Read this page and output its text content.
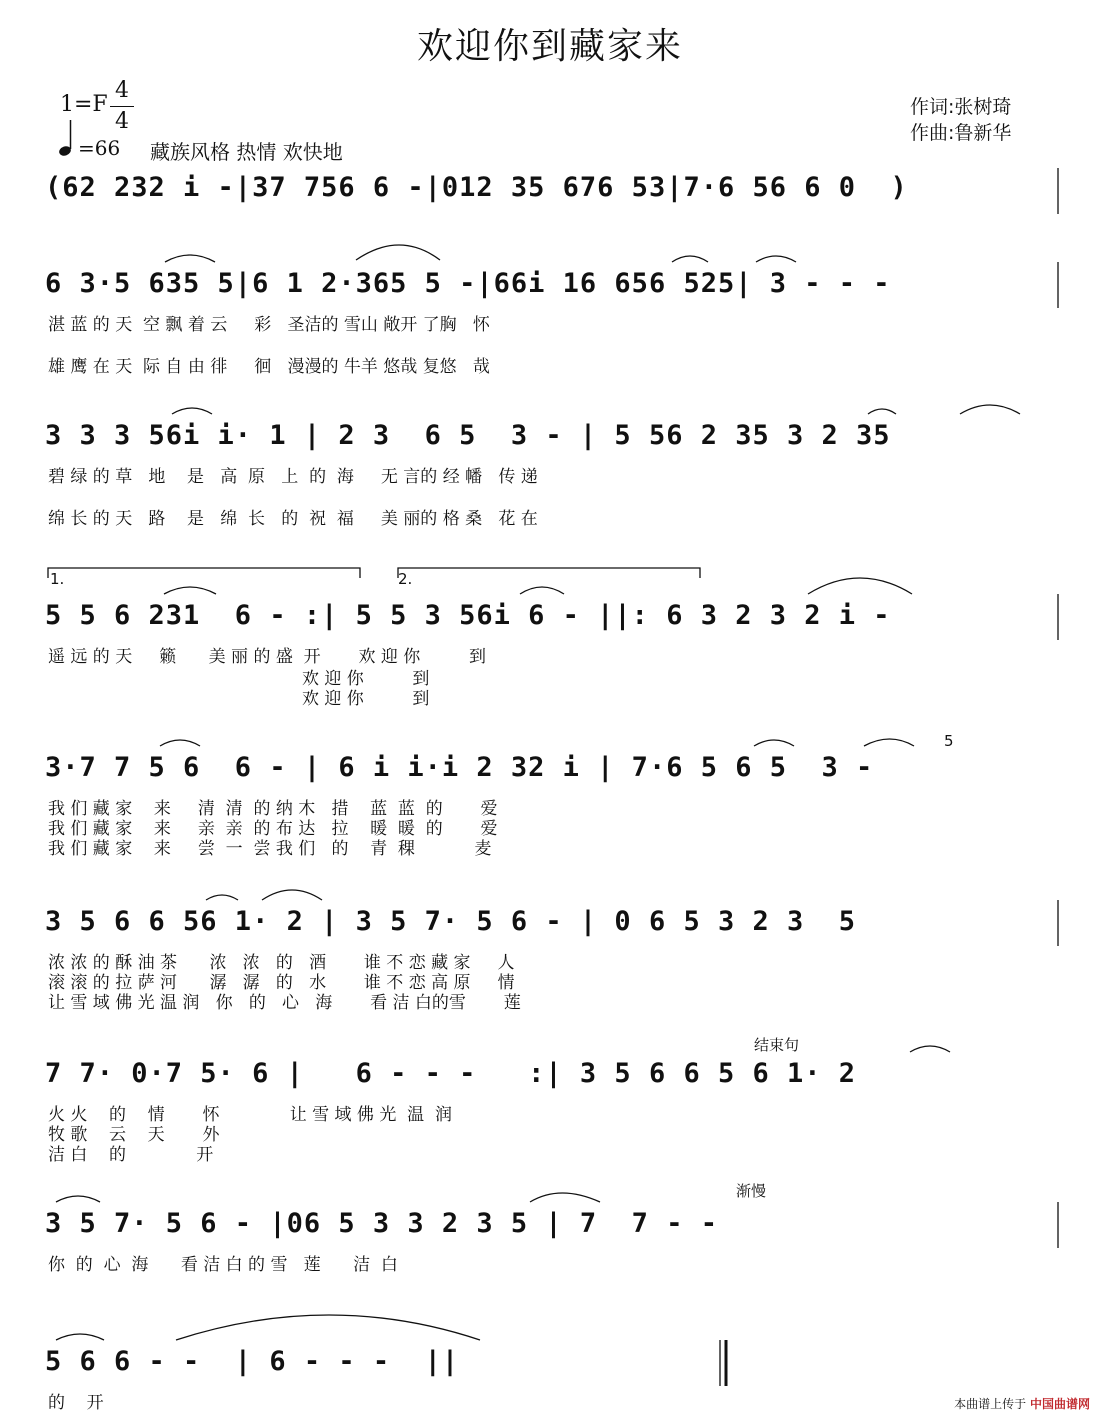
欢迎你到藏家来
1=F
4
4
=66 藏族风格 热情 欢快地
作词:张树琦
作曲:鲁新华
(62 232 i -|37 756 6 -|012 35 676 53|7·6 56 6 0  )
6 3·5 635 5|6 1 2·365 5 -|66i 16 656 525| 3 - - -
湛 蓝 的 天  空 飘 着 云     彩   圣洁的 雪山 敞开 了胸   怀
雄 鹰 在 天  际 自 由 徘     徊   漫漫的 牛羊 悠哉 复悠   哉
3 3 3 56i i· 1 | 2 3  6 5  3 - | 5 56 2 35 3 2 35
碧 绿 的 草   地    是   高  原   上  的  海     无 言的 经 幡   传 递
绵 长 的 天   路    是   绵  长   的  祝  福     美 丽的 格 桑   花 在
1.	2.
5 5 6 231  6 - :| 5 5 3 56i 6 - ||: 6 3 2 3 2 i -
遥 远 的 天     籁      美 丽 的 盛  开       欢 迎 你         到
欢 迎 你         到
欢 迎 你         到
5
3·7 7 5 6  6 - | 6 i i·i 2 32 i | 7·6 5 6 5  3 -
我 们 藏 家    来     清  清  的 纳 木   措    蓝  蓝  的       爱
我 们 藏 家    来     亲  亲  的 布 达   拉    暖  暖  的       爱
我 们 藏 家    来     尝  一  尝 我 们   的    青  稞           麦
3 5 6 6 56 1· 2 | 3 5 7· 5 6 - | 0 6 5 3 2 3  5
浓 浓 的 酥 油 茶      浓   浓   的   酒       谁 不 恋 藏 家     人
滚 滚 的 拉 萨 河      潺   潺   的   水       谁 不 恋 高 原     情
让 雪 域 佛 光 温 润   你   的   心   海       看 洁 白的雪       莲
结束句
7 7· 0·7 5· 6 |   6 - - -   :| 3 5 6 6 5 6 1· 2
火 火    的    情       怀             让 雪 域 佛 光  温  润
牧 歌    云    天       外
洁 白    的             开
渐慢
3 5 7· 5 6 - |06 5 3 3 2 3 5 | 7  7 - -
你  的  心  海      看 洁 白 的 雪   莲      洁  白
5 6 6 - -  | 6 - - -  ||
的    开	本曲谱上传于 中国曲谱网
